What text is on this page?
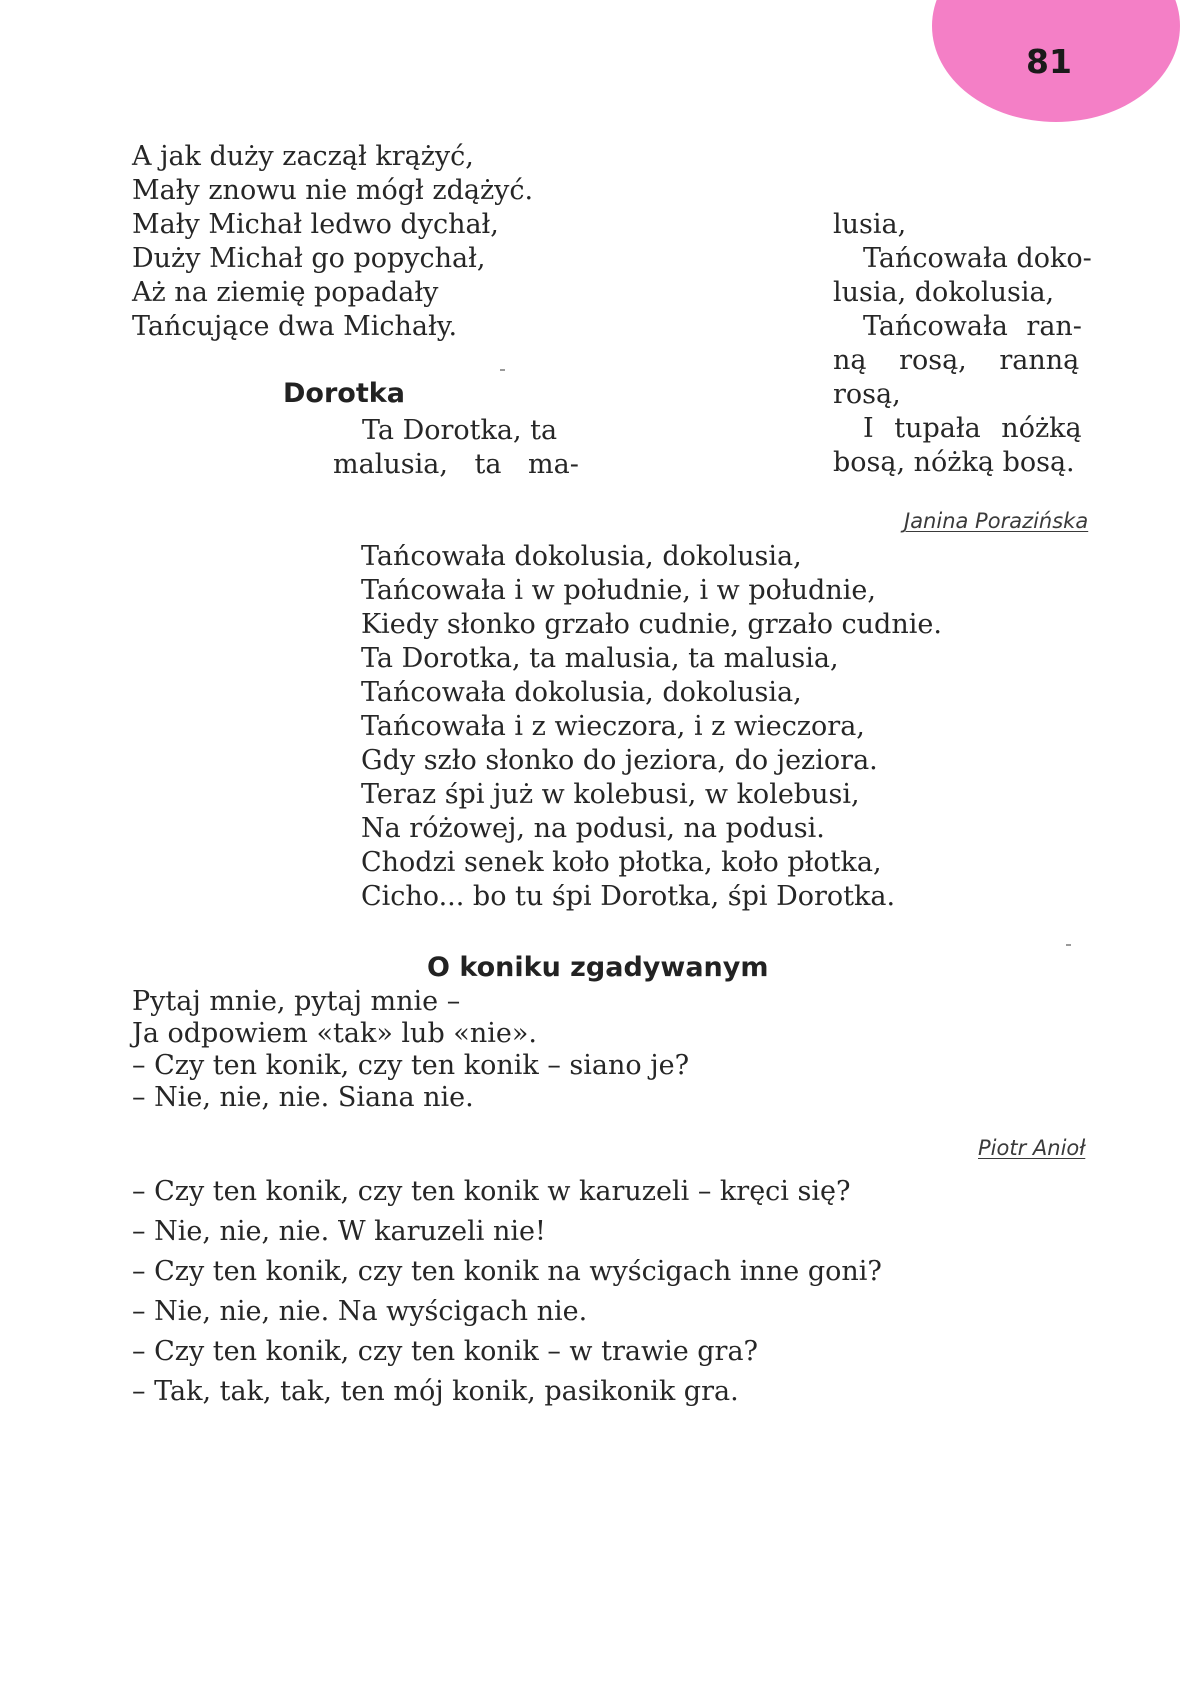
81
A jak duży zaczął krążyć,
Mały znowu nie mógł zdążyć.
Mały Michał ledwo dychał,
Duży Michał go popychał,
Aż na ziemię popadały
Tańcujące dwa Michały.
Dorotka
Ta Dorotka, ta
malusia, ta ma-
lusia,
Tańcowała doko-
lusia, dokolusia,
Tańcowała ran-
ną rosą, ranną
rosą,
I tupała nóżką
bosą, nóżką bosą.
Janina Porazińska
Tańcowała dokolusia, dokolusia,
Tańcowała i w południe, i w południe,
Kiedy słonko grzało cudnie, grzało cudnie.
Ta Dorotka, ta malusia, ta malusia,
Tańcowała dokolusia, dokolusia,
Tańcowała i z wieczora, i z wieczora,
Gdy szło słonko do jeziora, do jeziora.
Teraz śpi już w kolebusi, w kolebusi,
Na różowej, na podusi, na podusi.
Chodzi senek koło płotka, koło płotka,
Cicho... bo tu śpi Dorotka, śpi Dorotka.
O koniku zgadywanym
Pytaj mnie, pytaj mnie –
Ja odpowiem «tak» lub «nie».
– Czy ten konik, czy ten konik – siano je?
– Nie, nie, nie. Siana nie.
Piotr Anioł
– Czy ten konik, czy ten konik w karuzeli – kręci się?
– Nie, nie, nie. W karuzeli nie!
– Czy ten konik, czy ten konik na wyścigach inne goni?
– Nie, nie, nie. Na wyścigach nie.
– Czy ten konik, czy ten konik – w trawie gra?
– Tak, tak, tak, ten mój konik, pasikonik gra.
